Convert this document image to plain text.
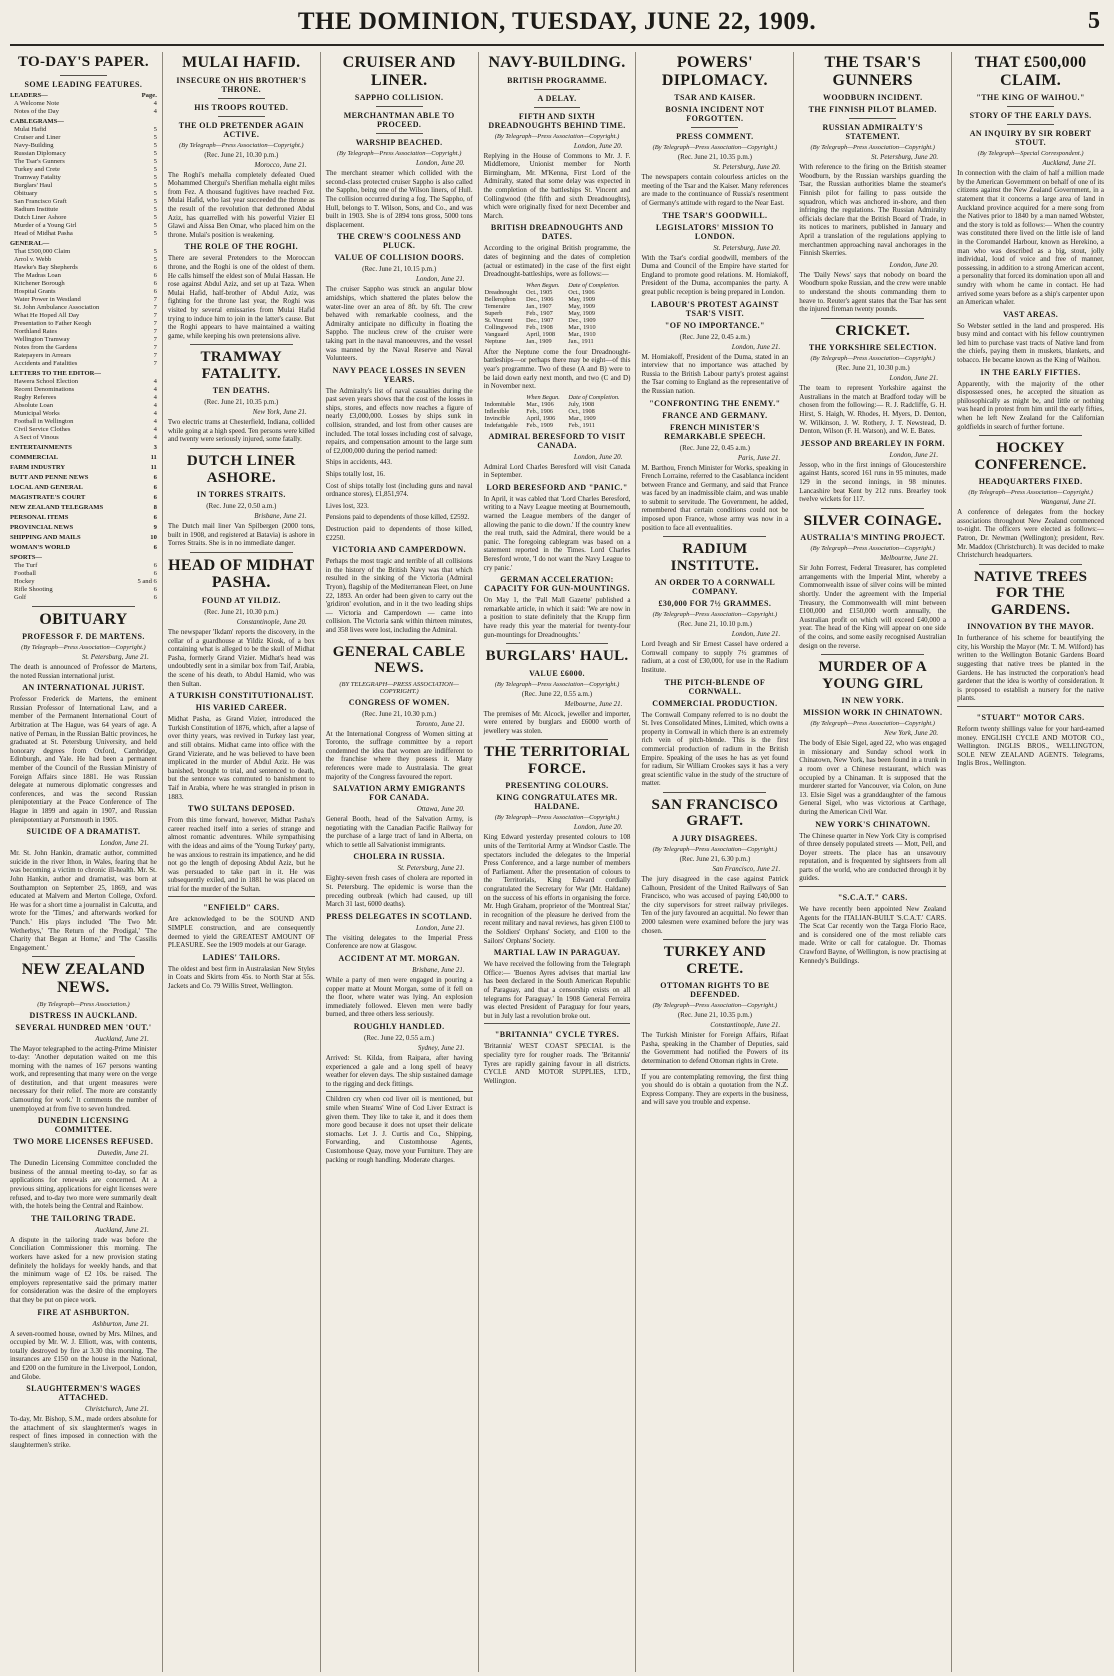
THE DOMINION, TUESDAY, JUNE 22, 1909.	5
TO-DAY'S PAPER.
SOME LEADING FEATURES.
LEADERS—	Page.
A Welcome Note	4
Notes of the Day	4
CABLEGRAMS—
Mulai Hafid	5
Cruiser and Liner	5
Navy-Building	5
Russian Diplomacy	5
The Tsar's Gunners	5
Turkey and Crete	5
Tramway Fatality	5
Burglars' Haul	5
Obituary	5
San Francisco Graft	5
Radium Institute	5
Dutch Liner Ashore	5
Murder of a Young Girl	5
Head of Midhat Pasha	5
GENERAL—
That £500,000 Claim	5
Arrol v. Webb	5
Hawke's Bay Shepherds	6
The Madras Loan	6
Kitchener Borough	6
Hospital Grants	6
Water Power in Westland	7
St. John Ambulance Association	7
What He Hoped All Day	7
Presentation to Father Keogh	7
Northland Rates	7
Wellington Tramway	7
Notes from the Gardens	7
Ratepayers in Arrears	7
Accidents and Fatalities	7
LETTERS TO THE EDITOR—
Hawera School Election	4
Recent Denominations	4
Rugby Referees	4
Absolute Loan	4
Municipal Works	4
Football in Wellington	4
Civil Service Clothes	4
A Sect of Vinous	4
ENTERTAINMENTS	3
COMMERCIAL	11
FARM INDUSTRY	11
BUTT AND PENNE NEWS	6
LOCAL AND GENERAL	6
MAGISTRATE'S COURT	6
NEW ZEALAND TELEGRAMS	8
PERSONAL ITEMS	6
PROVINCIAL NEWS	9
SHIPPING AND MAILS	10
WOMAN'S WORLD	6
SPORTS—
The Turf	6
Football	6
Hockey	5 and 6
Rifle Shooting	6
Golf	6
OBITUARY
PROFESSOR F. DE MARTENS.
(By Telegraph—Press Association—Copyright.)
St. Petersburg, June 21.

The death is announced of Professor de Martens, the noted Russian international jurist.

AN INTERNATIONAL JURIST.

Professor Frederick de Martens, the eminent Russian Professor of International Law, and a member of the Permanent International Court of Arbitration at The Hague, was 64 years of age. A native of Pernau, in the Russian Baltic provinces, he graduated at St. Petersburg University, and held honorary degrees from Oxford, Cambridge, Edinburgh, and Yale. He had been a permanent member of the Council of the Russian Ministry of Foreign Affairs since 1881. He was Russian delegate at numerous diplomatic congresses and conferences, and was the second Russian plenipotentiary at the Peace Conference of The Hague in 1899 and again in 1907, and Russian plenipotentiary at Portsmouth in 1905.

SUICIDE OF A DRAMATIST.
London, June 21.

Mr. St. John Hankin, dramatic author, committed suicide in the river Ithon, in Wales, fearing that he was becoming a victim to chronic ill-health. Mr. St. John Hankin, author and dramatist, was born at Southampton on September 25, 1869, and was educated at Malvern and Merton College, Oxford. He was for a short time a journalist in Calcutta, and wrote for the 'Times,' and afterwards worked for 'Punch.' His plays included 'The Two Mr. Wetherbys,' 'The Return of the Prodigal,' 'The Charity that Began at Home,' and 'The Cassilis Engagement.'

NEW ZEALAND NEWS.
(By Telegraph—Press Association.)
DISTRESS IN AUCKLAND.
SEVERAL HUNDRED MEN 'OUT.'
Auckland, June 21.

The Mayor telegraphed to the acting-Prime Minister to-day: 'Another deputation waited on me this morning with the names of 167 persons wanting work, and representing that many were on the verge of destitution, and that urgent measures were necessary for their relief. The more are constantly clamouring for work.' It comments the number of unemployed at from five to seven hundred.

DUNEDIN LICENSING COMMITTEE.
TWO MORE LICENSES REFUSED.
Dunedin, June 21.

The Dunedin Licensing Committee concluded the business of the annual meeting to-day, so far as applications for renewals are concerned. At a previous sitting, applications for eight licenses were refused, and to-day two more were summarily dealt with, the hotels being the Central and Rainbow.

THE TAILORING TRADE.
Auckland, June 21.

A dispute in the tailoring trade was before the Conciliation Commissioner this morning. The workers have asked for a new provision stating definitely the holidays for weekly hands, and that the minimum wage of £2 10s. be raised. The employers representative said the primary matter for consideration was the desire of the employers that they be put on piece work.

FIRE AT ASHBURTON.
Ashburton, June 21.

A seven-roomed house, owned by Mrs. Milnes, and occupied by Mr. W. J. Elliott, was, with contents, totally destroyed by fire at 3.30 this morning. The insurances are £150 on the house in the National, and £200 on the furniture in the Liverpool, London, and Globe.

SLAUGHTERMEN'S WAGES ATTACHED.
Christchurch, June 21.

To-day, Mr. Bishop, S.M., made orders absolute for the attachment of six slaughtermen's wages in respect of fines imposed in connection with the slaughtermen's strike.

MULAI HAFID.
INSECURE ON HIS BROTHER'S THRONE.
HIS TROOPS ROUTED.
THE OLD PRETENDER AGAIN ACTIVE.
(By Telegraph—Press Association—Copyright.)
(Rec. June 21, 10.30 p.m.)
Morocco, June 21.

The Roghi's mehalla completely defeated Oued Mohammed Chergui's Sherifian mehalla eight miles from Fez. A thousand fugitives have reached Fez. Mulai Hafid, who last year succeeded the throne as the result of the revolution that dethroned Abdul Aziz, has quarrelled with his powerful Vizier El Glawi and Aissa Ben Omar, who placed him on the throne. Mulai's position is weakening.

THE ROLE OF THE ROGHI.

There are several Pretenders to the Moroccan throne, and the Roghi is one of the oldest of them. He calls himself the eldest son of Mulai Hassan. He rose against Abdul Aziz, and set up at Taza. When Mulai Hafid, half-brother of Abdul Aziz, was fighting for the throne last year, the Roghi was visited by several emissaries from Mulai Hafid trying to induce him to join in the latter's cause. But the Roghi appears to have maintained a waiting game, while keeping his own pretensions alive.

TRAMWAY FATALITY.
TEN DEATHS.
(Rec. June 21, 10.35 p.m.)
New York, June 21.

Two electric trams at Chesterfield, Indiana, collided while going at a high speed. Ten persons were killed and twenty were seriously injured, some fatally.

DUTCH LINER ASHORE.
IN TORRES STRAITS.
(Rec. June 22, 0.50 a.m.)
Brisbane, June 21.

The Dutch mail liner Van Spilbergen (2000 tons, built in 1908, and registered at Batavia) is ashore in Torres Straits. She is in no immediate danger.

HEAD OF MIDHAT PASHA.
FOUND AT YILDIZ.
(Rec. June 21, 10.30 p.m.)
Constantinople, June 20.

The newspaper 'Ikdam' reports the discovery, in the cellar of a guardhouse at Yildiz Kiosk, of a box containing what is alleged to be the skull of Midhat Pasha, formerly Grand Vizier. Midhat's head was undoubtedly sent in a similar box from Taif, Arabia, the scene of his death, to Abdul Hamid, who was then Sultan.

A TURKISH CONSTITUTIONALIST.
HIS VARIED CAREER.

Midhat Pasha, as Grand Vizier, introduced the Turkish Constitution of 1876, which, after a lapse of over thirty years, was revived in Turkey last year, and still obtains. Midhat came into office with the Grand Vizierate, and he was believed to have been implicated in the murder of Abdul Aziz. He was banished, brought to trial, and sentenced to death, but the sentence was commuted to banishment to Taif in Arabia, where he was strangled in prison in 1883.

TWO SULTANS DEPOSED.

From this time forward, however, Midhat Pasha's career reached itself into a series of strange and almost romantic adventures. While sympathising with the ideas and aims of the 'Young Turkey' party, he was anxious to restrain its impatience, and he did not go the length of deposing Abdul Aziz, but he was persuaded to take part in it. He was subsequently exiled, and in 1881 he was placed on trial for the murder of the Sultan.

"ENFIELD" CARS.

Are acknowledged to be the SOUND AND SIMPLE construction, and are consequently deemed to yield the GREATEST AMOUNT OF PLEASURE. See the 1909 models at our Garage.

LADIES' TAILORS.

The oldest and best firm in Australasian New Styles in Coats and Skirts from 45s. to North Star at 55s. Jackets and Co. 79 Willis Street, Wellington.

CRUISER AND LINER.
SAPPHO COLLISION.
MERCHANTMAN ABLE TO PROCEED.
WARSHIP BEACHED.
(By Telegraph—Press Association—Copyright.)
London, June 20.

The merchant steamer which collided with the second-class protected cruiser Sappho is also called the Sappho, being one of the Wilson liners, of Hull. The collision occurred during a fog. The Sappho, of Hull, belongs to T. Wilson, Sons, and Co., and was built in 1903. She is of 2894 tons gross, 5000 tons displacement.

THE CREW'S COOLNESS AND PLUCK.
VALUE OF COLLISION DOORS.
(Rec. June 21, 10.15 p.m.)
London, June 21.

The cruiser Sappho was struck an angular blow amidships, which shattered the plates below the water-line over an area of 8ft. by 6ft. The crew behaved with remarkable coolness, and the Admiralty anticipate no difficulty in floating the Sappho. The nucleus crew of the cruiser were taking part in the naval manoeuvres, and the vessel was manned by the Naval Reserve and Naval Volunteers.

NAVY PEACE LOSSES IN SEVEN YEARS.

The Admiralty's list of naval casualties during the past seven years shows that the cost of the losses in ships, stores, and effects now reaches a figure of nearly £3,000,000. Losses by ships sunk in collision, stranded, and lost from other causes are included. The total losses including cost of salvage, repairs, and compensation amount to the large sum of £2,000,000 during the period named:

Ships in accidents, 443.

Ships totally lost, 16.

Cost of ships totally lost (including guns and naval ordnance stores), £1,851,974.

Lives lost, 323.

Pensions paid to dependents of those killed, £2592.

Destruction paid to dependents of those killed, £2250.

VICTORIA AND CAMPERDOWN.

Perhaps the most tragic and terrible of all collisions in the history of the British Navy was that which resulted in the sinking of the Victoria (Admiral Tryon), flagship of the Mediterranean Fleet, on June 22, 1893. An order had been given to carry out the 'gridiron' evolution, and in it the two leading ships — Victoria and Camperdown — came into collision. The Victoria sank within thirteen minutes, and 358 lives were lost, including the Admiral.

GENERAL CABLE NEWS.
(BY TELEGRAPH—PRESS ASSOCIATION—COPYRIGHT.)
CONGRESS OF WOMEN.
(Rec. June 21, 10.30 p.m.)
Toronto, June 21.

At the International Congress of Women sitting at Toronto, the suffrage committee by a report condemned the idea that women are indifferent to the franchise where they possess it. Many references were made to Australasia. The great majority of the Congress favoured the report.

SALVATION ARMY EMIGRANTS FOR CANADA.
Ottawa, June 20.

General Booth, head of the Salvation Army, is negotiating with the Canadian Pacific Railway for the purchase of a large tract of land in Alberta, on which to settle all Salvationist immigrants.

CHOLERA IN RUSSIA.
St. Petersburg, June 21.

Eighty-seven fresh cases of cholera are reported in St. Petersburg. The epidemic is worse than the preceding outbreak (which had caused, up till March 31 last, 6000 deaths).

PRESS DELEGATES IN SCOTLAND.
London, June 21.

The visiting delegates to the Imperial Press Conference are now at Glasgow.

ACCIDENT AT MT. MORGAN.
Brisbane, June 21.

While a party of men were engaged in pouring a copper matte at Mount Morgan, some of it fell on the floor, where water was lying. An explosion immediately followed. Eleven men were badly burned, and three others less seriously.

ROUGHLY HANDLED.
(Rec. June 22, 0.55 a.m.)
Sydney, June 21.

Arrived: St. Kilda, from Raipara, after having experienced a gale and a long spell of heavy weather for eleven days. The ship sustained damage to the rigging and deck fittings.

Children cry when cod liver oil is mentioned, but smile when Stearns' Wine of Cod Liver Extract is given them. They like to take it, and it does them more good because it does not upset their delicate stomachs. Let J. J. Curtis and Co., Shipping, Forwarding, and Customhouse Agents, Customhouse Quay, move your Furniture. They are packing or rough handling. Moderate charges.

NAVY-BUILDING.
BRITISH PROGRAMME.
A DELAY.
FIFTH AND SIXTH DREADNOUGHTS BEHIND TIME.
(By Telegraph—Press Association—Copyright.)
London, June 20.

Replying in the House of Commons to Mr. J. F. Middlemore, Unionist member for North Birmingham, Mr. M'Kenna, First Lord of the Admiralty, stated that some delay was expected in the completion of the battleships St. Vincent and Collingwood (the fifth and sixth Dreadnoughts), which were originally fixed for next December and March.

BRITISH DREADNOUGHTS AND DATES.

According to the original British programme, the dates of beginning and the dates of completion (actual or estimated) in the case of the first eight Dreadnought-battleships, were as follows:—

	When Begun.	Date of Completion.
Dreadnought	Oct., 1905	Oct., 1906
Bellerophon	Dec., 1906	May, 1909
Temeraire	Jan., 1907	May, 1909
Superb	Feb., 1907	May, 1909
St. Vincent	Dec., 1907	Dec., 1909
Collingwood	Feb., 1908	Mar., 1910
Vanguard	April, 1908	Mar., 1910
Neptune	Jan., 1909	Jan., 1911

After the Neptune come the four Dreadnought-battleships—or perhaps there may be eight—of this year's programme. Two of these (A and B) were to be laid down early next month, and two (C and D) in November next.

	When Begun.	Date of Completion.
Indomitable	Mar., 1906	July, 1908
Inflexible	Feb., 1906	Oct., 1908
Invincible	April, 1906	Mar., 1909
Indefatigable	Feb., 1909	Feb., 1911
ADMIRAL BERESFORD TO VISIT CANADA.
London, June 20.

Admiral Lord Charles Beresford will visit Canada in September.

LORD BERESFORD AND "PANIC."

In April, it was cabled that 'Lord Charles Beresford, writing to a Navy League meeting at Bournemouth, warned the League members of the danger of allowing the panic to die down.' If the country knew the real truth, said the Admiral, there would be a panic. The foregoing cablegram was based on a statement reported in the Times. Lord Charles Beresford wrote, 'I do not want the Navy League to cry panic.'

GERMAN ACCELERATION: CAPACITY FOR GUN-MOUNTINGS.

On May 1, the 'Pall Mall Gazette' published a remarkable article, in which it said: 'We are now in a position to state definitely that the Krupp firm have ready this year the material for twenty-four gun-mountings for Dreadnoughts.'

BURGLARS' HAUL.
VALUE £6000.
(By Telegraph—Press Association—Copyright.)
(Rec. June 22, 0.55 a.m.)
Melbourne, June 21.

The premises of Mr. Alcock, jeweller and importer, were entered by burglars and £6000 worth of jewellery was stolen.

THE TERRITORIAL FORCE.
PRESENTING COLOURS.
KING CONGRATULATES MR. HALDANE.
(By Telegraph—Press Association—Copyright.)
London, June 20.

King Edward yesterday presented colours to 108 units of the Territorial Army at Windsor Castle. The spectators included the delegates to the Imperial Press Conference, and a large number of members of Parliament. After the presentation of colours to the Territorials, King Edward cordially congratulated the Secretary for War (Mr. Haldane) on the success of his efforts in organising the force. Mr. Hugh Graham, proprietor of the 'Montreal Star,' in recognition of the pleasure he derived from the recent military and naval reviews, has given £100 to the Soldiers' Orphans' Society, and £100 to the Sailors' Orphans' Society.

MARTIAL LAW IN PARAGUAY.

We have received the following from the Telegraph Office:— 'Buenos Ayres advises that martial law has been declared in the South American Republic of Paraguay, and that a censorship exists on all telegrams for Paraguay.' In 1908 General Ferreira was elected President of Paraguay for four years, but in July last a revolution broke out.

"BRITANNIA" CYCLE TYRES.

'Britannia' WEST COAST SPECIAL is the speciality tyre for rougher roads. The 'Britannia' Tyres are rapidly gaining favour in all districts. CYCLE AND MOTOR SUPPLIES, LTD., Wellington.

POWERS' DIPLOMACY.
TSAR AND KAISER.
BOSNIA INCIDENT NOT FORGOTTEN.
PRESS COMMENT.
(By Telegraph—Press Association—Copyright.)
(Rec. June 21, 10.35 p.m.)
St. Petersburg, June 20.

The newspapers contain colourless articles on the meeting of the Tsar and the Kaiser. Many references are made to the continuance of Russia's resentment of Germany's attitude with regard to the Near East.

THE TSAR'S GOODWILL.
LEGISLATORS' MISSION TO LONDON.
St. Petersburg, June 20.

With the Tsar's cordial goodwill, members of the Duma and Council of the Empire have started for England to promote good relations. M. Homiakoff, President of the Duma, accompanies the party. A great public reception is being prepared in London.

LABOUR'S PROTEST AGAINST TSAR'S VISIT.
"OF NO IMPORTANCE."
(Rec. June 22, 0.45 a.m.)
London, June 21.

M. Homiakoff, President of the Duma, stated in an interview that no importance was attached by Russia to the British Labour party's protest against the Tsar coming to England as the representative of the Russian nation.

"CONFRONTING THE ENEMY."
FRANCE AND GERMANY.
FRENCH MINISTER'S REMARKABLE SPEECH.
(Rec. June 22, 0.45 a.m.)
Paris, June 21.

M. Barthou, French Minister for Works, speaking in French Lorraine, referred to the Casablanca incident between France and Germany, and said that France was faced by an inadmissible claim, and was unable to submit to servitude. The Government, he added, remembered that certain conditions could not be imposed upon France, whose army was now in a position to face all eventualities.

RADIUM INSTITUTE.
AN ORDER TO A CORNWALL COMPANY.
£30,000 FOR 7½ GRAMMES.
(By Telegraph—Press Association—Copyright.)
(Rec. June 21, 10.10 p.m.)
London, June 21.

Lord Iveagh and Sir Ernest Cassel have ordered a Cornwall company to supply 7½ grammes of radium, at a cost of £30,000, for use in the Radium Institute.

THE PITCH-BLENDE OF CORNWALL.
COMMERCIAL PRODUCTION.

The Cornwall Company referred to is no doubt the St. Ives Consolidated Mines, Limited, which owns a property in Cornwall in which there is an extremely rich vein of pitch-blende. This is the first commercial production of radium in the British Empire. Speaking of the uses he has as yet found for radium, Sir William Crookes says it has a very great scientific value in the study of the structure of matter.

SAN FRANCISCO GRAFT.
A JURY DISAGREES.
(By Telegraph—Press Association—Copyright.)
(Rec. June 21, 6.30 p.m.)
San Francisco, June 21.

The jury disagreed in the case against Patrick Calhoun, President of the United Railways of San Francisco, who was accused of paying £40,000 to the city supervisors for street railway privileges. Ten of the jury favoured an acquittal. No fewer than 2000 talesmen were examined before the jury was chosen.

TURKEY AND CRETE.
OTTOMAN RIGHTS TO BE DEFENDED.
(By Telegraph—Press Association—Copyright.)
(Rec. June 21, 10.35 p.m.)
Constantinople, June 21.

The Turkish Minister for Foreign Affairs, Rifaat Pasha, speaking in the Chamber of Deputies, said the Government had notified the Powers of its determination to defend Ottoman rights in Crete.

If you are contemplating removing, the first thing you should do is obtain a quotation from the N.Z. Express Company. They are experts in the business, and will save you trouble and expense.

THE TSAR'S GUNNERS
WOODBURN INCIDENT.
THE FINNISH PILOT BLAMED.
RUSSIAN ADMIRALTY'S STATEMENT.
(By Telegraph—Press Association—Copyright.)
St. Petersburg, June 20.

With reference to the firing on the British steamer Woodburn, by the Russian warships guarding the Tsar, the Russian authorities blame the steamer's Finnish pilot for failing to pass outside the squadron, which was anchored in-shore, and then infringing the regulations. The Russian Admiralty officials declare that the British Board of Trade, in its notices to mariners, published in January and April a translation of the regulations applying to merchantmen approaching naval anchorages in the Finnish Skerries.

London, June 20.

The 'Daily News' says that nobody on board the Woodburn spoke Russian, and the crew were unable to understand the shouts commanding them to heave to. Reuter's agent states that the Tsar has sent the injured fireman twenty pounds.

CRICKET.
THE YORKSHIRE SELECTION.
(By Telegraph—Press Association—Copyright.)
(Rec. June 21, 10.30 p.m.)
London, June 21.

The team to represent Yorkshire against the Australians in the match at Bradford today will be chosen from the following:— R. J. Radcliffe, G. H. Hirst, S. Haigh, W. Rhodes, H. Myers, D. Denton, W. Wilkinson, J. W. Rothery, J. T. Newstead, D. Denton, Wilson (F. H. Watson), and W. E. Bates.

JESSOP AND BREARLEY IN FORM.
London, June 21.

Jessop, who in the first innings of Gloucestershire against Hants, scored 161 runs in 95 minutes, made 129 in the second innings, in 98 minutes. Lancashire beat Kent by 212 runs. Brearley took twelve wickets for 117.

SILVER COINAGE.
AUSTRALIA'S MINTING PROJECT.
(By Telegraph—Press Association—Copyright.)
Melbourne, June 21.

Sir John Forrest, Federal Treasurer, has completed arrangements with the Imperial Mint, whereby a Commonwealth issue of silver coins will be minted shortly. Under the agreement with the Imperial Treasury, the Commonwealth will mint between £100,000 and £150,000 worth annually, the Australian profit on which will exceed £40,000 a year. The head of the King will appear on one side of the coins, and some easily recognised Australian design on the reverse.

MURDER OF A YOUNG GIRL
IN NEW YORK.
MISSION WORK IN CHINATOWN.
(By Telegraph—Press Association—Copyright.)
New York, June 20.

The body of Elsie Sigel, aged 22, who was engaged in missionary and Sunday school work in Chinatown, New York, has been found in a trunk in a room over a Chinese restaurant, which was occupied by a Chinaman. It is supposed that the murderer started for Vancouver, via Colon, on June 13. Elsie Sigel was a granddaughter of the famous General Sigel, who was victorious at Carthage, during the American Civil War.

NEW YORK'S CHINATOWN.

The Chinese quarter in New York City is comprised of three densely populated streets — Mott, Pell, and Doyer streets. The place has an unsavoury reputation, and is frequented by sightseers from all parts of the world, who are conducted through it by guides.

"S.C.A.T." CARS.

We have recently been appointed New Zealand Agents for the ITALIAN-BUILT 'S.C.A.T.' CARS. The Scat Car recently won the Targa Florio Race, and is considered one of the most reliable cars made. Write or call for catalogue. Dr. Thomas Crawford Bayne, of Wellington, is now practising at Kennedy's Buildings.

THAT £500,000 CLAIM.
"THE KING OF WAIHOU."
STORY OF THE EARLY DAYS.
AN INQUIRY BY SIR ROBERT STOUT.
(By Telegraph—Special Correspondent.)
Auckland, June 21.

In connection with the claim of half a million made by the American Government on behalf of one of its citizens against the New Zealand Government, in a statement that it concerns a large area of land in Auckland province acquired for a mere song from the Natives prior to 1840 by a man named Webster, and the story is told as follows:— When the country was constituted there lived on the little isle of land in the Coromandel Harbour, known as Herekino, a man who was described as a big, stout, jolly individual, loud of voice and free of manner, possessing, in addition to a strong American accent, a personality that forced its domination upon all and sundry with whom he came in contact. He had arrived some years before as a ship's carpenter upon an American whaler.

VAST AREAS.

So Webster settled in the land and prospered. His busy mind and contact with his fellow countrymen led him to purchase vast tracts of Native land from the chiefs, paying them in muskets, blankets, and tobacco. He became known as the King of Waihou.

IN THE EARLY FIFTIES.

Apparently, with the majority of the other dispossessed ones, he accepted the situation as philosophically as might be, and little or nothing was heard in protest from him until the early fifties, when he left New Zealand for the Californian goldfields in search of further fortune.

HOCKEY CONFERENCE.
HEADQUARTERS FIXED.
(By Telegraph—Press Association—Copyright.)
Wanganui, June 21.

A conference of delegates from the hockey associations throughout New Zealand commenced to-night. The officers were elected as follows:—Patron, Dr. Newman (Wellington); president, Rev. Mr. Maddox (Christchurch). It was decided to make Christchurch headquarters.

NATIVE TREES FOR THE GARDENS.
INNOVATION BY THE MAYOR.

In furtherance of his scheme for beautifying the city, his Worship the Mayor (Mr. T. M. Wilford) has written to the Wellington Botanic Gardens Board suggesting that native trees be planted in the Gardens. He has instructed the corporation's head gardener that the idea is worthy of consideration. It is proposed to establish a nursery for the native plants.

"STUART" MOTOR CARS.

Reform twenty shillings value for your hard-earned money. ENGLISH CYCLE AND MOTOR CO., Wellington. INGLIS BROS., WELLINGTON, SOLE NEW ZEALAND AGENTS. Telegrams, Inglis Bros., Wellington.
